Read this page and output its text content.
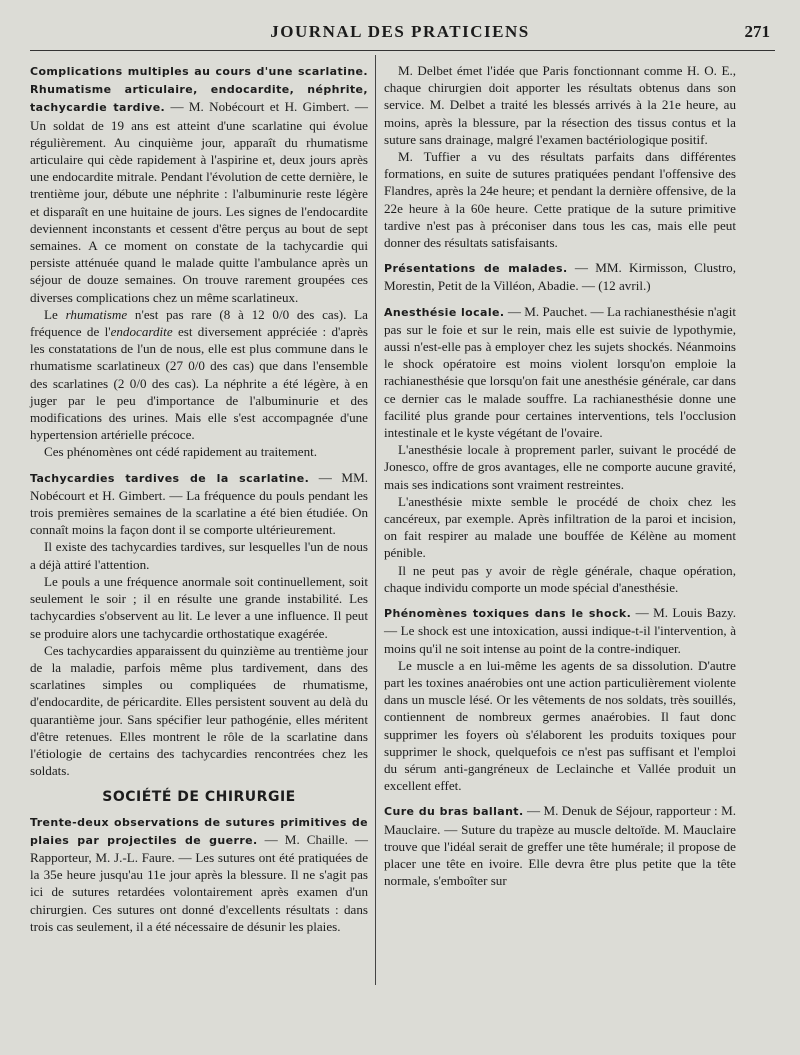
JOURNAL DES PRATICIENS	271

Complications multiples au cours d'une scarlatine. Rhumatisme articulaire, endocardite, néphrite, tachycardie tardive. — M. Nobécourt et H. Gimbert. — Un soldat de 19 ans est atteint d'une scarlatine qui évolue régulièrement. Au cinquième jour, apparaît du rhumatisme articulaire qui cède rapidement à l'aspirine et, deux jours après une endocardite mitrale. Pendant l'évolution de cette dernière, le trentième jour, débute une néphrite : l'albuminurie reste légère et disparaît en une huitaine de jours. Les signes de l'endocardite deviennent inconstants et cessent d'être perçus au bout de sept semaines. A ce moment on constate de la tachycardie qui persiste atténuée quand le malade quitte l'ambulance après un séjour de douze semaines. On trouve rarement groupées ces diverses complications chez un même scarlatineux.

Le rhumatisme n'est pas rare (8 à 12 0/0 des cas). La fréquence de l'endocardite est diversement appréciée : d'après les constatations de l'un de nous, elle est plus commune dans le rhumatisme scarlatineux (27 0/0 des cas) que dans l'ensemble des scarlatines (2 0/0 des cas). La néphrite a été légère, à en juger par le peu d'importance de l'albuminurie et des modifications des urines. Mais elle s'est accompagnée d'une hypertension artérielle précoce.

Ces phénomènes ont cédé rapidement au traitement.

Tachycardies tardives de la scarlatine. — MM. Nobécourt et H. Gimbert. — La fréquence du pouls pendant les trois premières semaines de la scarlatine a été bien étudiée. On connaît moins la façon dont il se comporte ultérieurement.

Il existe des tachycardies tardives, sur lesquelles l'un de nous a déjà attiré l'attention.

Le pouls a une fréquence anormale soit continuellement, soit seulement le soir ; il en résulte une grande instabilité. Les tachycardies s'observent au lit. Le lever a une influence. Il peut se produire alors une tachycardie orthostatique exagérée.

Ces tachycardies apparaissent du quinzième au trentième jour de la maladie, parfois même plus tardivement, dans des scarlatines simples ou compliquées de rhumatisme, d'endocardite, de péricardite. Elles persistent souvent au delà du quarantième jour. Sans spécifier leur pathogénie, elles méritent d'être retenues. Elles montrent le rôle de la scarlatine dans l'étiologie de certains des tachycardies rencontrées chez les soldats.

SOCIÉTÉ DE CHIRURGIE

Trente-deux observations de sutures primitives de plaies par projectiles de guerre. — M. Chaille. — Rapporteur, M. J.-L. Faure. — Les sutures ont été pratiquées de la 35e heure jusqu'au 11e jour après la blessure. Il ne s'agit pas ici de sutures retardées volontairement après examen d'un chirurgien. Ces sutures ont donné d'excellents résultats : dans trois cas seulement, il a été nécessaire de désunir les plaies.

M. Delbet émet l'idée que Paris fonctionnant comme H. O. E., chaque chirurgien doit apporter les résultats obtenus dans son service. M. Delbet a traité les blessés arrivés à la 21e heure, au moins, après la blessure, par la résection des tissus contus et la suture sans drainage, malgré l'examen bactériologique positif.

M. Tuffier a vu des résultats parfaits dans différentes formations, en suite de sutures pratiquées pendant l'offensive des Flandres, après la 24e heure; et pendant la dernière offensive, de la 22e heure à la 60e heure. Cette pratique de la suture primitive tardive n'est pas à préconiser dans tous les cas, mais elle peut donner des résultats satisfaisants.

Présentations de malades. — MM. Kirmisson, Clustro, Morestin, Petit de la Villéon, Abadie. — (12 avril.)

Anesthésie locale. — M. Pauchet. — La rachianesthésie n'agit pas sur le foie et sur le rein, mais elle est suivie de lypothymie, aussi n'est-elle pas à employer chez les sujets shockés. Néanmoins le shock opératoire est moins violent lorsqu'on emploie la rachianesthésie que lorsqu'on fait une anesthésie générale, car dans ce dernier cas le malade souffre. La rachianesthésie donne une facilité plus grande pour certaines interventions, tels l'occlusion intestinale et le kyste végétant de l'ovaire.

L'anesthésie locale à proprement parler, suivant le procédé de Jonesco, offre de gros avantages, elle ne comporte aucune gravité, mais ses indications sont vraiment restreintes.

L'anesthésie mixte semble le procédé de choix chez les cancéreux, par exemple. Après infiltration de la paroi et incision, on fait respirer au malade une bouffée de Kélène au moment pénible.

Il ne peut pas y avoir de règle générale, chaque opération, chaque individu comporte un mode spécial d'anesthésie.

Phénomènes toxiques dans le shock. — M. Louis Bazy. — Le shock est une intoxication, aussi indique-t-il l'intervention, à moins qu'il ne soit intense au point de la contre-indiquer.

Le muscle a en lui-même les agents de sa dissolution. D'autre part les toxines anaérobies ont une action particulièrement violente dans un muscle lésé. Or les vêtements de nos soldats, très souillés, contiennent de nombreux germes anaérobies. Il faut donc supprimer les foyers où s'élaborent les produits toxiques pour supprimer le shock, quelquefois ce n'est pas suffisant et l'emploi du sérum anti-gangréneux de Leclainche et Vallée produit un excellent effet.

Cure du bras ballant. — M. Denuk de Séjour, rapporteur : M. Mauclaire. — Suture du trapèze au muscle deltoïde. M. Mauclaire trouve que l'idéal serait de greffer une tête humérale; il propose de placer une tête en ivoire. Elle devra être plus petite que la tête normale, s'emboîter sur
